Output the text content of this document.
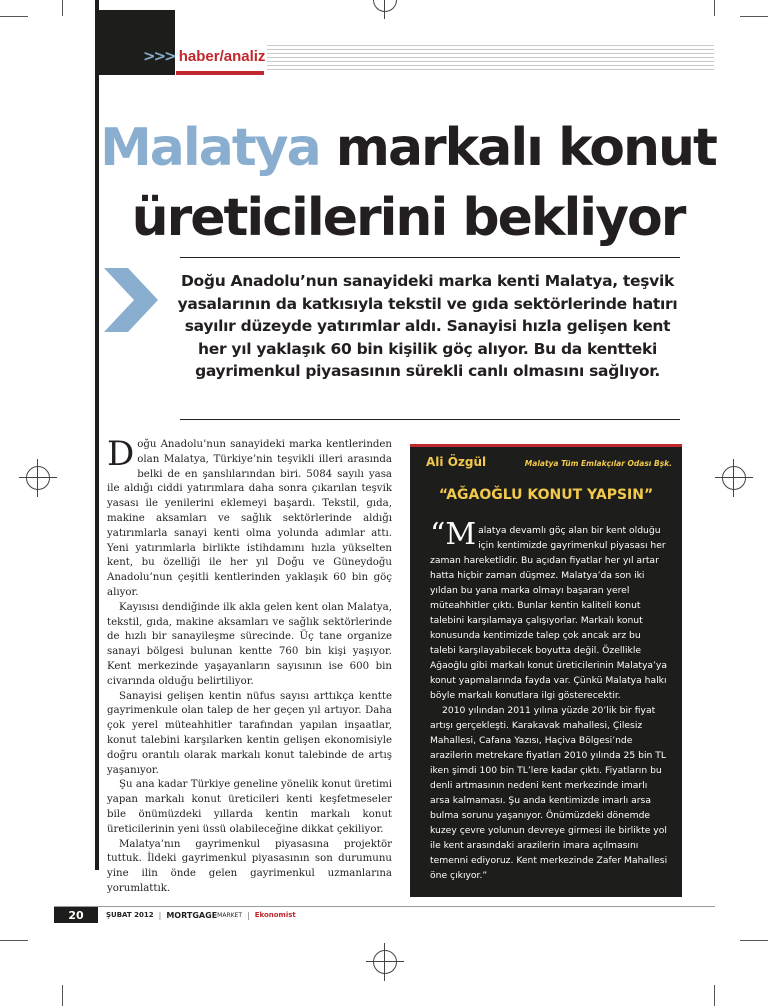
>>> haber/analiz
Malatya markalı konut
üreticilerini bekliyor

Doğu Anadolu’nun sanayideki marka kenti Malatya, teşvik yasalarının da katkısıyla tekstil ve gıda sektörlerinde hatırı sayılır düzeyde yatırımlar aldı. Sanayisi hızla gelişen kent her yıl yaklaşık 60 bin kişilik göç alıyor. Bu da kentteki gayrimenkul piyasasının sürekli canlı olmasını sağlıyor.

Doğu Anadolu’nun sanayideki marka kentlerinden olan Malatya, Türkiye’nin teşvikli illeri arasında belki de en şanslılarından biri. 5084 sayılı yasa ile aldığı ciddi yatırımlara daha sonra çıkarılan teşvik yasası ile yenilerini eklemeyi başardı. Tekstil, gıda, makine aksamları ve sağlık sektörlerinde aldığı yatırımlarla sanayi kenti olma yolunda adımlar attı. Yeni yatırımlarla birlikte istihdamını hızla yükselten kent, bu özelliği ile her yıl Doğu ve Güneydoğu Anadolu’nun çeşitli kentlerinden yaklaşık 60 bin göç alıyor.

Kayısısı dendiğinde ilk akla gelen kent olan Malatya, tekstil, gıda, makine aksamları ve sağlık sektörlerinde de hızlı bir sanayileşme sürecinde. Üç tane organize sanayi bölgesi bulunan kentte 760 bin kişi yaşıyor. Kent merkezinde yaşayanların sayısının ise 600 bin civarında olduğu belirtiliyor.

Sanayisi gelişen kentin nüfus sayısı arttıkça kentte gayrimenkule olan talep de her geçen yıl artıyor. Daha çok yerel müteahhitler tarafından yapılan inşaatlar, konut talebini karşılarken kentin gelişen ekonomisiyle doğru orantılı olarak markalı konut talebinde de artış yaşanıyor.

Şu ana kadar Türkiye geneline yönelik konut üretimi yapan markalı konut üreticileri kenti keşfetmeseler bile önümüzdeki yıllarda kentin markalı konut üreticilerinin yeni üssü olabileceğine dikkat çekiliyor.

Malatya’nın gayrimenkul piyasasına projektör tuttuk. İldeki gayrimenkul piyasasının son durumunu yine ilin önde gelen gayrimenkul uzmanlarına yorumlattık.

Ali Özgül	Malatya Tüm Emlakçılar Odası Bşk.
“AĞAOĞLU KONUT YAPSIN”

“Malatya devamlı göç alan bir kent olduğu için kentimizde gayrimenkul piyasası her zaman hareketlidir. Bu açıdan fiyatlar her yıl artar hatta hiçbir zaman düşmez. Malatya’da son iki yıldan bu yana marka olmayı başaran yerel müteahhitler çıktı. Bunlar kentin kaliteli konut talebini karşılamaya çalışıyorlar. Markalı konut konusunda kentimizde talep çok ancak arz bu talebi karşılayabilecek boyutta değil. Özellikle Ağaoğlu gibi markalı konut üreticilerinin Malatya’ya konut yapmalarında fayda var. Çünkü Malatya halkı böyle markalı konutlara ilgi gösterecektir.

2010 yılından 2011 yılına yüzde 20’lik bir fiyat artışı gerçekleşti. Karakavak mahallesi, Çilesiz Mahallesi, Cafana Yazısı, Haçiva Bölgesi’nde arazilerin metrekare fiyatları 2010 yılında 25 bin TL iken şimdi 100 bin TL’lere kadar çıktı. Fiyatların bu denli artmasının nedeni kent merkezinde imarlı arsa kalmaması. Şu anda kentimizde imarlı arsa bulma sorunu yaşanıyor. Önümüzdeki dönemde kuzey çevre yolunun devreye girmesi ile birlikte yol ile kent arasındaki arazilerin imara açılmasını temenni ediyoruz. Kent merkezinde Zafer Mahallesi öne çıkıyor.”

20	ŞUBAT 2012 | MORTGAGE MARKET | Ekonomist
